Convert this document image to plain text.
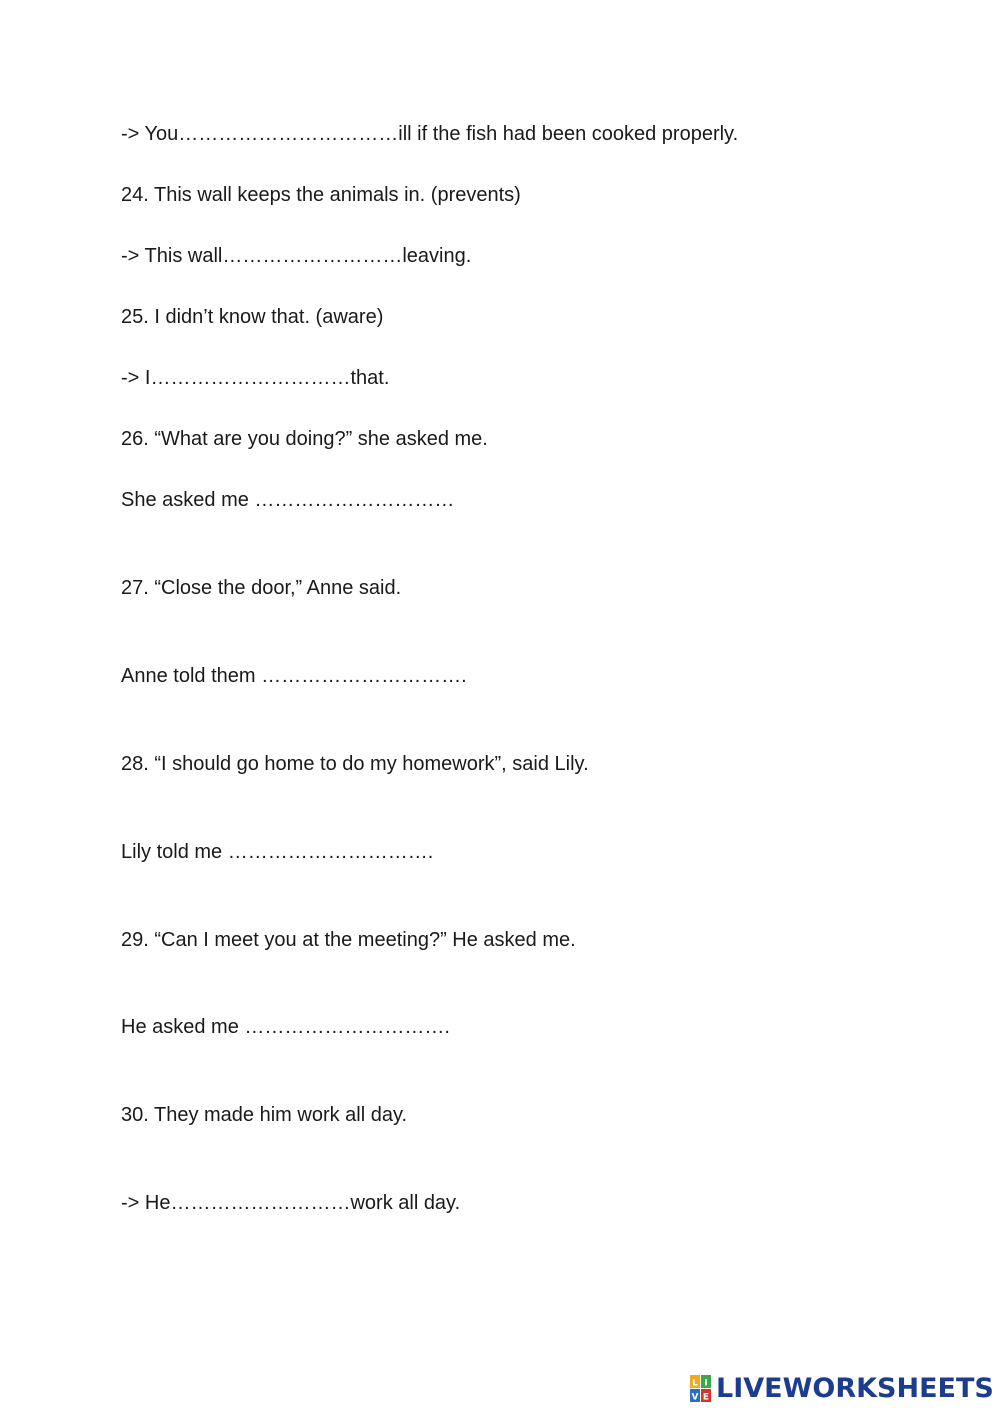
-> You……………………………ill if the fish had been cooked properly.
24. This wall keeps the animals in. (prevents)
-> This wall………………………leaving.
25. I didn’t know that. (aware)
-> I…………………………that.
26. “What are you doing?” she asked me.
She asked me …………………………
27. “Close the door,” Anne said.
Anne told them ………………………….
28. “I should go home to do my homework”, said Lily.
Lily told me ………………………….
29. “Can I meet you at the meeting?” He asked me.
He asked me ………………………….
30. They made him work all day.
-> He………………………work all day.
L I
V E LIVEWORKSHEETS
